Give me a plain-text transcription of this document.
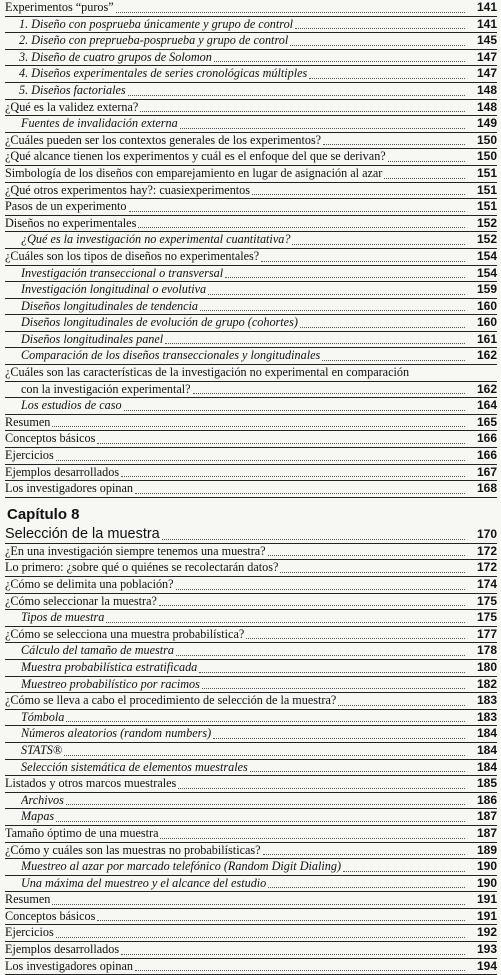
Experimentos “puros”	141
1. Diseño con posprueba únicamente y grupo de control	141
2. Diseño con preprueba-posprueba y grupo de control	145
3. Diseño de cuatro grupos de Solomon	147
4. Diseños experimentales de series cronológicas múltiples	147
5. Diseños factoriales	148
¿Qué es la validez externa?	148
Fuentes de invalidación externa	149
¿Cuáles pueden ser los contextos generales de los experimentos?	150
¿Qué alcance tienen los experimentos y cuál es el enfoque del que se derivan?	150
Simbología de los diseños con emparejamiento en lugar de asignación al azar	151
¿Qué otros experimentos hay?: cuasiexperimentos	151
Pasos de un experimento	151
Diseños no experimentales	152
¿Qué es la investigación no experimental cuantitativa?	152
¿Cuáles son los tipos de diseños no experimentales?	154
Investigación transeccional o transversal	154
Investigación longitudinal o evolutiva	159
Diseños longitudinales de tendencia	160
Diseños longitudinales de evolución de grupo (cohortes)	160
Diseños longitudinales panel	161
Comparación de los diseños transeccionales y longitudinales	162
¿Cuáles son las características de la investigación no experimental en comparación
con la investigación experimental?	162
Los estudios de caso	164
Resumen	165
Conceptos básicos	166
Ejercicios	166
Ejemplos desarrollados	167
Los investigadores opinan	168
Capítulo 8
Selección de la muestra	170
¿En una investigación siempre tenemos una muestra?	172
Lo primero: ¿sobre qué o quiénes se recolectarán datos?	172
¿Cómo se delimita una población?	174
¿Cómo seleccionar la muestra?	175
Tipos de muestra	175
¿Cómo se selecciona una muestra probabilística?	177
Cálculo del tamaño de muestra	178
Muestra probabilística estratificada	180
Muestreo probabilístico por racimos	182
¿Cómo se lleva a cabo el procedimiento de selección de la muestra?	183
Tómbola	183
Números aleatorios (random numbers)	184
STATS®	184
Selección sistemática de elementos muestrales	184
Listados y otros marcos muestrales	185
Archivos	186
Mapas	187
Tamaño óptimo de una muestra	187
¿Cómo y cuáles son las muestras no probabilísticas?	189
Muestreo al azar por marcado telefónico (Random Digit Dialing)	190
Una máxima del muestreo y el alcance del estudio	190
Resumen	191
Conceptos básicos	191
Ejercicios	192
Ejemplos desarrollados	193
Los investigadores opinan	194
